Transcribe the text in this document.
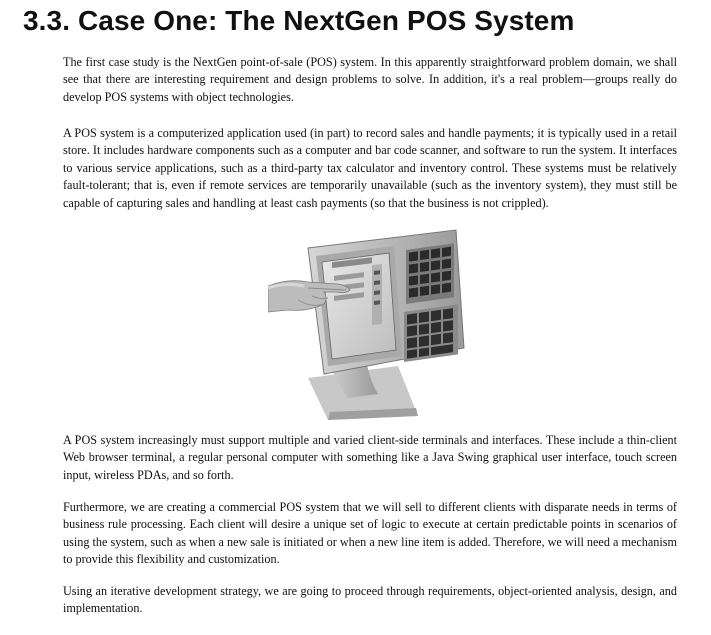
3.3. Case One: The NextGen POS System

The first case study is the NextGen point-of-sale (POS) system. In this apparently straightforward problem domain, we shall see that there are interesting requirement and design problems to solve. In addition, it's a real problem—groups really do develop POS systems with object technologies.

A POS system is a computerized application used (in part) to record sales and handle payments; it is typically used in a retail store. It includes hardware components such as a computer and bar code scanner, and software to run the system. It interfaces to various service applications, such as a third-party tax calculator and inventory control. These systems must be relatively fault-tolerant; that is, even if remote services are temporarily unavailable (such as the inventory system), they must still be capable of capturing sales and handling at least cash payments (so that the business is not crippled).

A POS system increasingly must support multiple and varied client-side terminals and interfaces. These include a thin-client Web browser terminal, a regular personal computer with something like a Java Swing graphical user interface, touch screen input, wireless PDAs, and so forth.

Furthermore, we are creating a commercial POS system that we will sell to different clients with disparate needs in terms of business rule processing. Each client will desire a unique set of logic to execute at certain predictable points in scenarios of using the system, such as when a new sale is initiated or when a new line item is added. Therefore, we will need a mechanism to provide this flexibility and customization.

Using an iterative development strategy, we are going to proceed through requirements, object-oriented analysis, design, and implementation.
